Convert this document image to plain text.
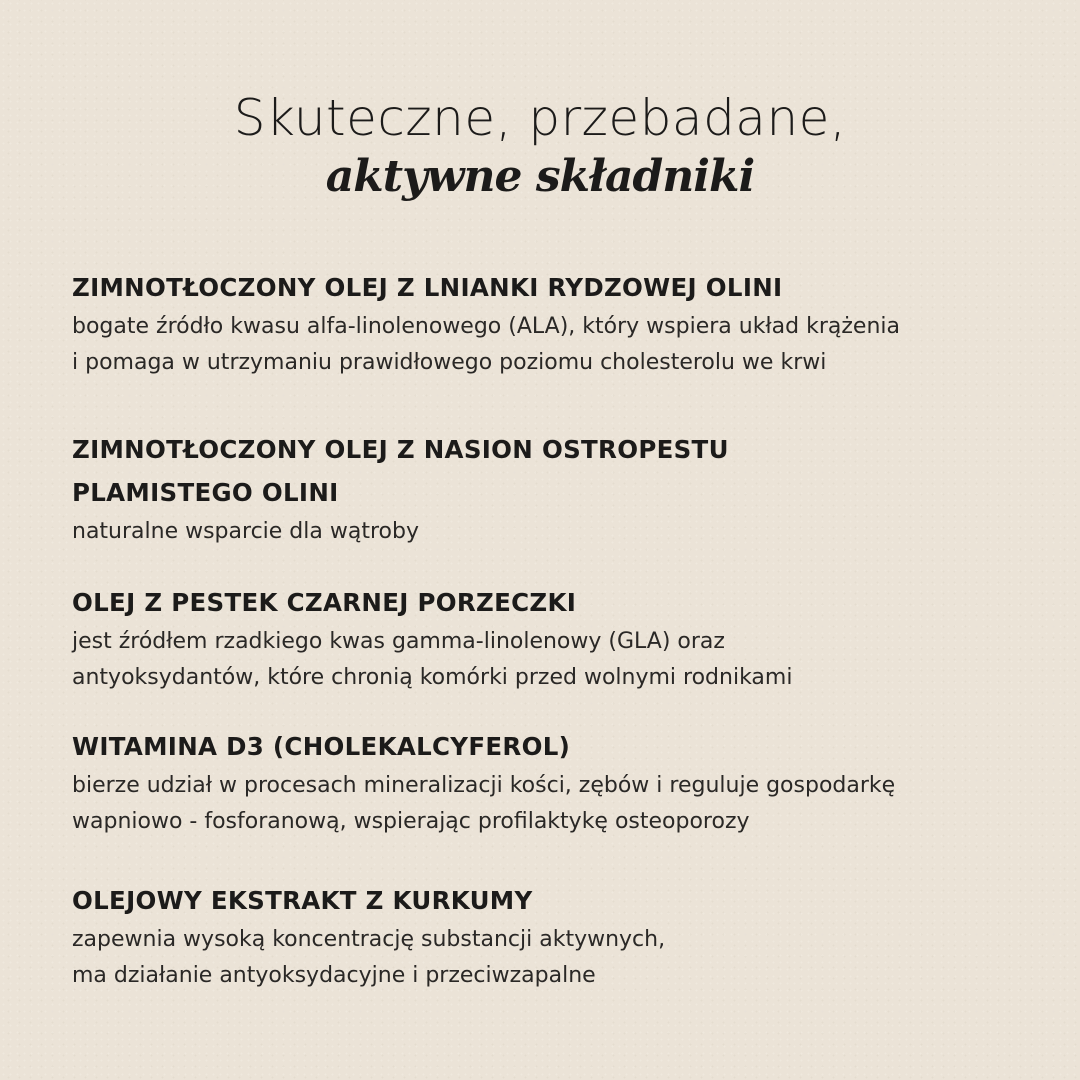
Skuteczne, przebadane,
aktywne składniki
ZIMNOTŁOCZONY OLEJ Z LNIANKI RYDZOWEJ OLINI
bogate źródło kwasu alfa-linolenowego (ALA), który wspiera układ krążenia
i pomaga w utrzymaniu prawidłowego poziomu cholesterolu we krwi
ZIMNOTŁOCZONY OLEJ Z NASION OSTROPESTU
PLAMISTEGO OLINI
naturalne wsparcie dla wątroby
OLEJ Z PESTEK CZARNEJ PORZECZKI
jest źródłem rzadkiego kwas gamma-linolenowy (GLA) oraz
antyoksydantów, które chronią komórki przed wolnymi rodnikami
WITAMINA D3 (CHOLEKALCYFEROL)
bierze udział w procesach mineralizacji kości, zębów i reguluje gospodarkę
wapniowo - fosforanową, wspierając profilaktykę osteoporozy
OLEJOWY EKSTRAKT Z KURKUMY
zapewnia wysoką koncentrację substancji aktywnych,
ma działanie antyoksydacyjne i przeciwzapalne
